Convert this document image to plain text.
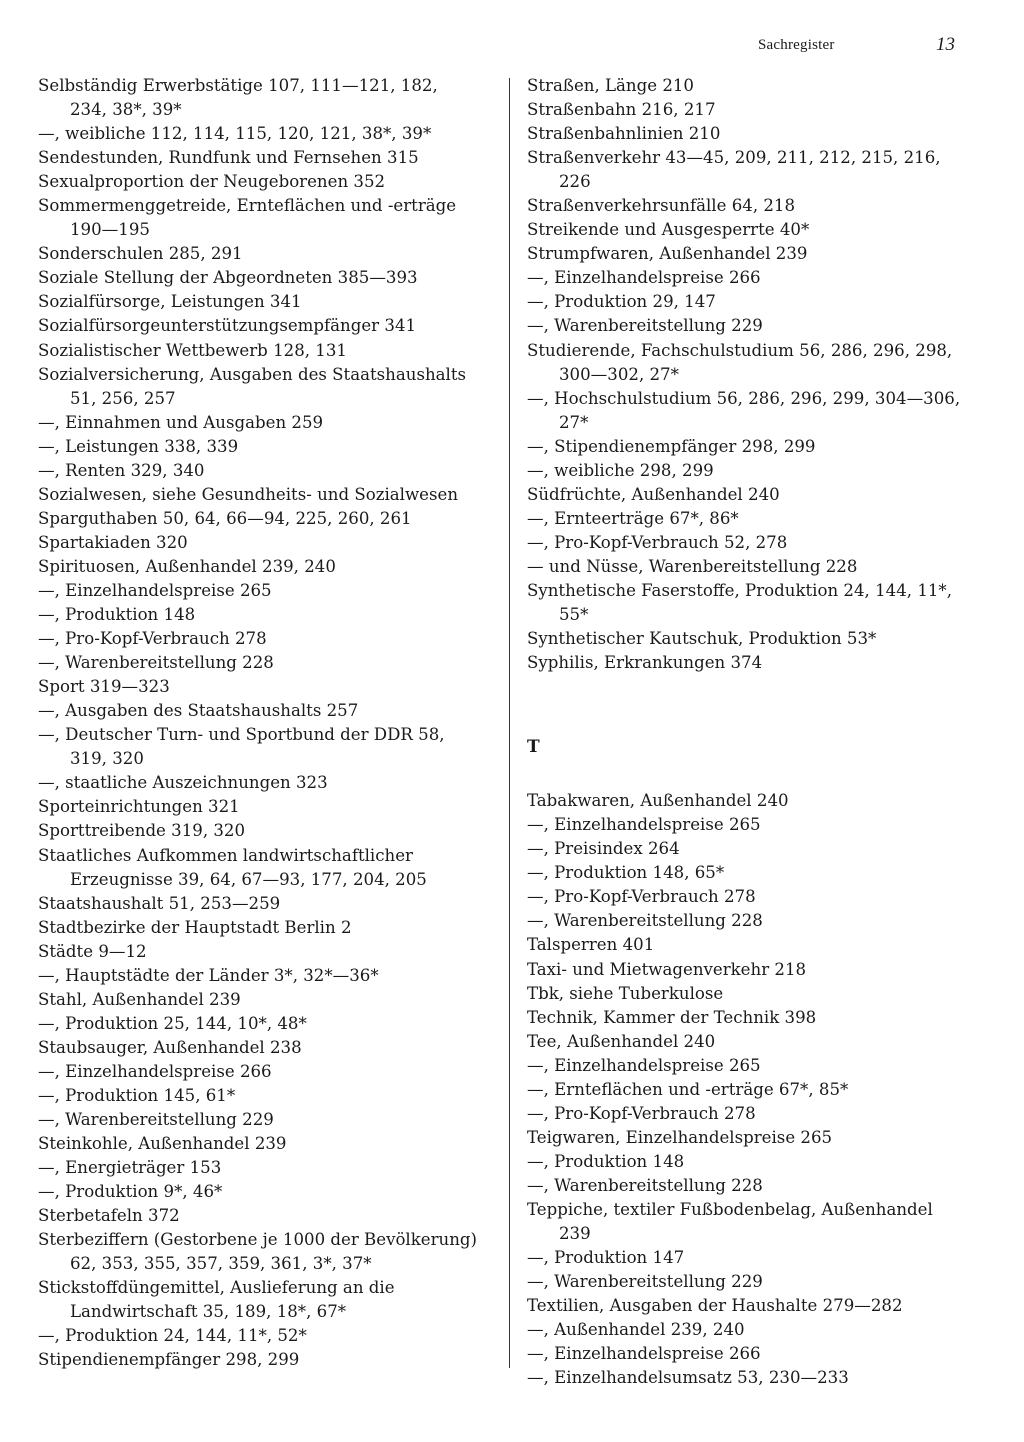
Sachregister	13

Selbständig Erwerbstätige 107, 111—121, 182, 234, 38*, 39*

—, weibliche 112, 114, 115, 120, 121, 38*, 39*

Sendestunden, Rundfunk und Fernsehen 315

Sexualproportion der Neugeborenen 352

Sommermenggetreide, Ernteflächen und -erträge 190—195

Sonderschulen 285, 291

Soziale Stellung der Abgeordneten 385—393

Sozialfürsorge, Leistungen 341

Sozialfürsorgeunterstützungsempfänger 341

Sozialistischer Wettbewerb 128, 131

Sozialversicherung, Ausgaben des Staatshaushalts 51, 256, 257

—, Einnahmen und Ausgaben 259

—, Leistungen 338, 339

—, Renten 329, 340

Sozialwesen, siehe Gesundheits- und Sozialwesen

Sparguthaben 50, 64, 66—94, 225, 260, 261

Spartakiaden 320

Spirituosen, Außenhandel 239, 240

—, Einzelhandelspreise 265

—, Produktion 148

—, Pro-Kopf-Verbrauch 278

—, Warenbereitstellung 228

Sport 319—323

—, Ausgaben des Staatshaushalts 257

—, Deutscher Turn- und Sportbund der DDR 58, 319, 320

—, staatliche Auszeichnungen 323

Sporteinrichtungen 321

Sporttreibende 319, 320

Staatliches Aufkommen landwirtschaftlicher Erzeugnisse 39, 64, 67—93, 177, 204, 205

Staatshaushalt 51, 253—259

Stadtbezirke der Hauptstadt Berlin 2

Städte 9—12

—, Hauptstädte der Länder 3*, 32*—36*

Stahl, Außenhandel 239

—, Produktion 25, 144, 10*, 48*

Staubsauger, Außenhandel 238

—, Einzelhandelspreise 266

—, Produktion 145, 61*

—, Warenbereitstellung 229

Steinkohle, Außenhandel 239

—, Energieträger 153

—, Produktion 9*, 46*

Sterbetafeln 372

Sterbeziffern (Gestorbene je 1000 der Bevölkerung) 62, 353, 355, 357, 359, 361, 3*, 37*

Stickstoffdüngemittel, Auslieferung an die Landwirtschaft 35, 189, 18*, 67*

—, Produktion 24, 144, 11*, 52*

Stipendienempfänger 298, 299

Straßen, Länge 210

Straßenbahn 216, 217

Straßenbahnlinien 210

Straßenverkehr 43—45, 209, 211, 212, 215, 216, 226

Straßenverkehrsunfälle 64, 218

Streikende und Ausgesperrte 40*

Strumpfwaren, Außenhandel 239

—, Einzelhandelspreise 266

—, Produktion 29, 147

—, Warenbereitstellung 229

Studierende, Fachschulstudium 56, 286, 296, 298, 300—302, 27*

—, Hochschulstudium 56, 286, 296, 299, 304—306, 27*

—, Stipendienempfänger 298, 299

—, weibliche 298, 299

Südfrüchte, Außenhandel 240

—, Ernteerträge 67*, 86*

—, Pro-Kopf-Verbrauch 52, 278

— und Nüsse, Warenbereitstellung 228

Synthetische Faserstoffe, Produktion 24, 144, 11*, 55*

Synthetischer Kautschuk, Produktion 53*

Syphilis, Erkrankungen 374

T

Tabakwaren, Außenhandel 240

—, Einzelhandelspreise 265

—, Preisindex 264

—, Produktion 148, 65*

—, Pro-Kopf-Verbrauch 278

—, Warenbereitstellung 228

Talsperren 401

Taxi- und Mietwagenverkehr 218

Tbk, siehe Tuberkulose

Technik, Kammer der Technik 398

Tee, Außenhandel 240

—, Einzelhandelspreise 265

—, Ernteflächen und -erträge 67*, 85*

—, Pro-Kopf-Verbrauch 278

Teigwaren, Einzelhandelspreise 265

—, Produktion 148

—, Warenbereitstellung 228

Teppiche, textiler Fußbodenbelag, Außenhandel 239

—, Produktion 147

—, Warenbereitstellung 229

Textilien, Ausgaben der Haushalte 279—282

—, Außenhandel 239, 240

—, Einzelhandelspreise 266

—, Einzelhandelsumsatz 53, 230—233
